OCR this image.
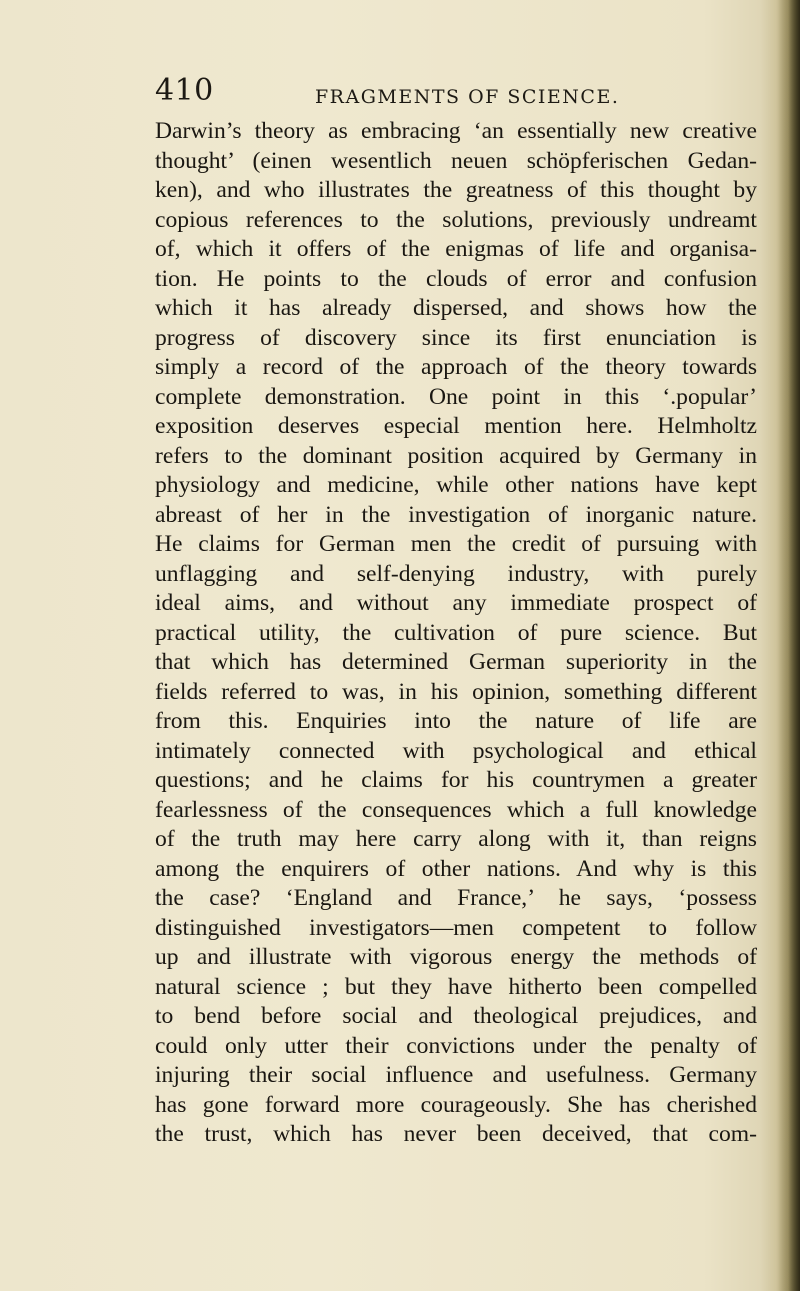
410	FRAGMENTS OF SCIENCE.
Darwin’s theory as embracing ‘an essentially new creative
thought’ (einen wesentlich neuen schöpferischen Gedan-
ken), and who illustrates the greatness of this thought by
copious references to the solutions, previously undreamt
of, which it offers of the enigmas of life and organisa-
tion. He points to the clouds of error and confusion
which it has already dispersed, and shows how the
progress of discovery since its first enunciation is
simply a record of the approach of the theory towards
complete demonstration. One point in this ‘.popular’
exposition deserves especial mention here. Helmholtz
refers to the dominant position acquired by Germany in
physiology and medicine, while other nations have kept
abreast of her in the investigation of inorganic nature.
He claims for German men the credit of pursuing with
unflagging and self-denying industry, with purely
ideal aims, and without any immediate prospect of
practical utility, the cultivation of pure science. But
that which has determined German superiority in the
fields referred to was, in his opinion, something different
from this. Enquiries into the nature of life are
intimately connected with psychological and ethical
questions; and he claims for his countrymen a greater
fearlessness of the consequences which a full knowledge
of the truth may here carry along with it, than reigns
among the enquirers of other nations. And why is this
the case? ‘England and France,’ he says, ‘possess
distinguished investigators—men competent to follow
up and illustrate with vigorous energy the methods of
natural science ; but they have hitherto been compelled
to bend before social and theological prejudices, and
could only utter their convictions under the penalty of
injuring their social influence and usefulness. Germany
has gone forward more courageously. She has cherished
the trust, which has never been deceived, that com-
